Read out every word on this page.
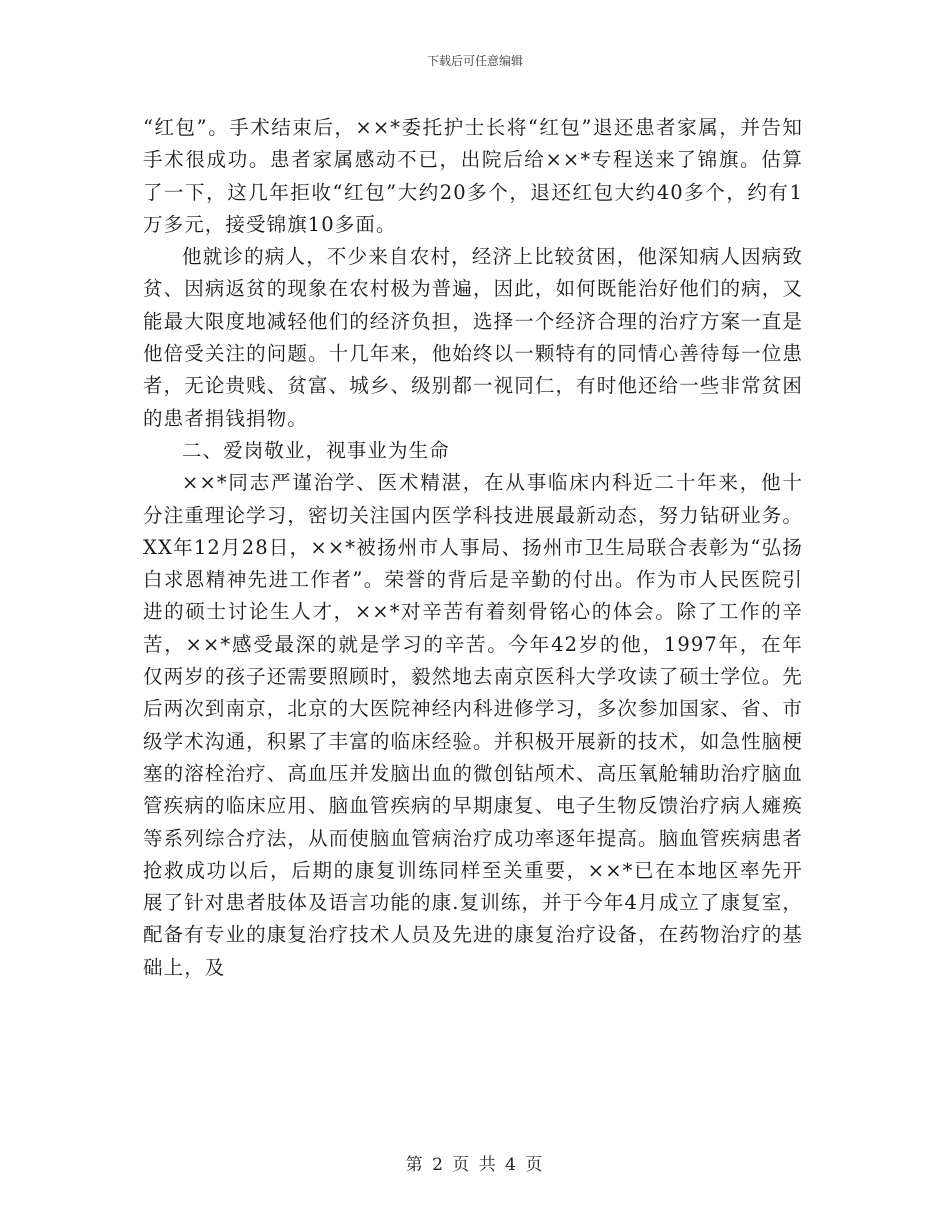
下载后可任意编辑

“红包”。手术结束后，××*委托护士长将“红包”退还患者家属，并告知手术很成功。患者家属感动不已，出院后给××*专程送来了锦旗。估算了一下，这几年拒收“红包”大约20多个，退还红包大约40多个，约有1万多元，接受锦旗10多面。

他就诊的病人，不少来自农村，经济上比较贫困，他深知病人因病致贫、因病返贫的现象在农村极为普遍，因此，如何既能治好他们的病，又能最大限度地减轻他们的经济负担，选择一个经济合理的治疗方案一直是他倍受关注的问题。十几年来，他始终以一颗特有的同情心善待每一位患者，无论贵贱、贫富、城乡、级别都一视同仁，有时他还给一些非常贫困的患者捐钱捐物。

二、爱岗敬业，视事业为生命

××*同志严谨治学、医术精湛，在从事临床内科近二十年来，他十分注重理论学习，密切关注国内医学科技进展最新动态，努力钻研业务。XX年12月28日，××*被扬州市人事局、扬州市卫生局联合表彰为“弘扬白求恩精神先进工作者”。荣誉的背后是辛勤的付出。作为市人民医院引进的硕士讨论生人才，××*对辛苦有着刻骨铭心的体会。除了工作的辛苦，××*感受最深的就是学习的辛苦。今年42岁的他，1997年，在年仅两岁的孩子还需要照顾时，毅然地去南京医科大学攻读了硕士学位。先后两次到南京，北京的大医院神经内科进修学习，多次参加国家、省、市级学术沟通，积累了丰富的临床经验。并积极开展新的技术，如急性脑梗塞的溶栓治疗、高血压并发脑出血的微创钻颅术、高压氧舱辅助治疗脑血管疾病的临床应用、脑血管疾病的早期康复、电子生物反馈治疗病人瘫痪等系列综合疗法，从而使脑血管病治疗成功率逐年提高。脑血管疾病患者抢救成功以后，后期的康复训练同样至关重要，××*已在本地区率先开展了针对患者肢体及语言功能的康.复训练，并于今年4月成立了康复室，配备有专业的康复治疗技术人员及先进的康复治疗设备，在药物治疗的基础上，及

第 2 页 共 4 页
